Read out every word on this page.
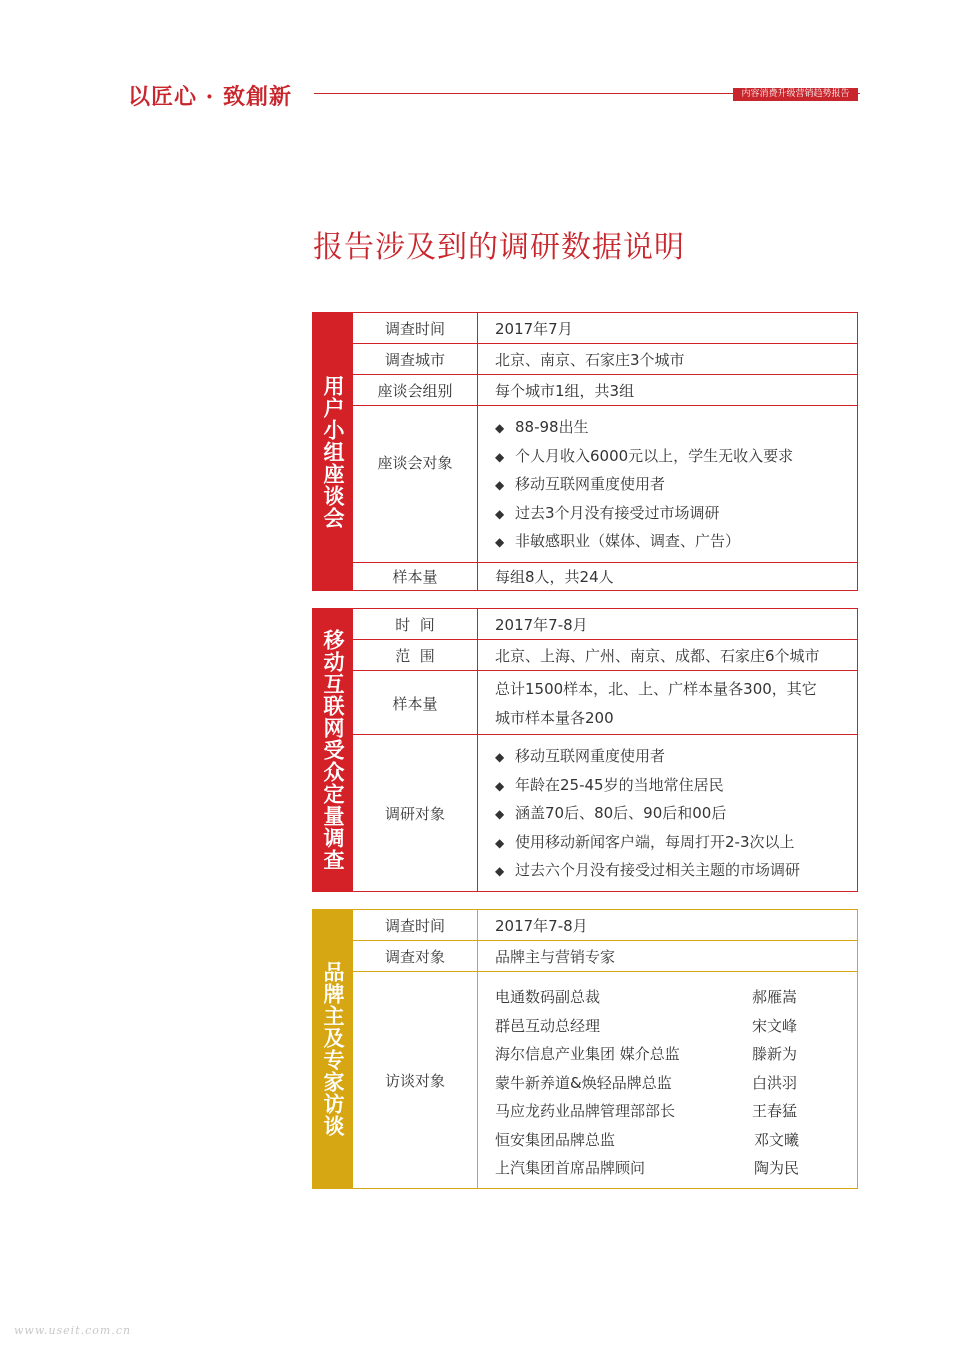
以匠心 · 致創新	内容消费升级营销趋势报告
报告涉及到的调研数据说明
用户小组座谈会
调查时间	2017年7月
调查城市	北京、南京、石家庄3个城市
座谈会组别	每个城市1组，共3组
座谈会对象
◆ 88-98出生
◆ 个人月收入6000元以上，学生无收入要求
◆ 移动互联网重度使用者
◆ 过去3个月没有接受过市场调研
◆ 非敏感职业（媒体、调查、广告）
样本量	每组8人，共24人
移动互联网受众定量调查
时  间	2017年7-8月
范  围	北京、上海、广州、南京、成都、石家庄6个城市
样本量
总计1500样本，北、上、广样本量各300，其它
城市样本量各200
调研对象
◆ 移动互联网重度使用者
◆ 年龄在25-45岁的当地常住居民
◆ 涵盖70后、80后、90后和00后
◆ 使用移动新闻客户端，每周打开2-3次以上
◆ 过去六个月没有接受过相关主题的市场调研
品牌主及专家访谈
调查时间	2017年7-8月
调查对象	品牌主与营销专家
访谈对象
电通数码副总裁	郝雁嵩
群邑互动总经理	宋文峰
海尔信息产业集团 媒介总监	滕新为
蒙牛新养道&焕轻品牌总监	白洪羽
马应龙药业品牌管理部部长	王春猛
恒安集团品牌总监	邓文曦
上汽集团首席品牌顾问	陶为民
www.useit.com.cn
